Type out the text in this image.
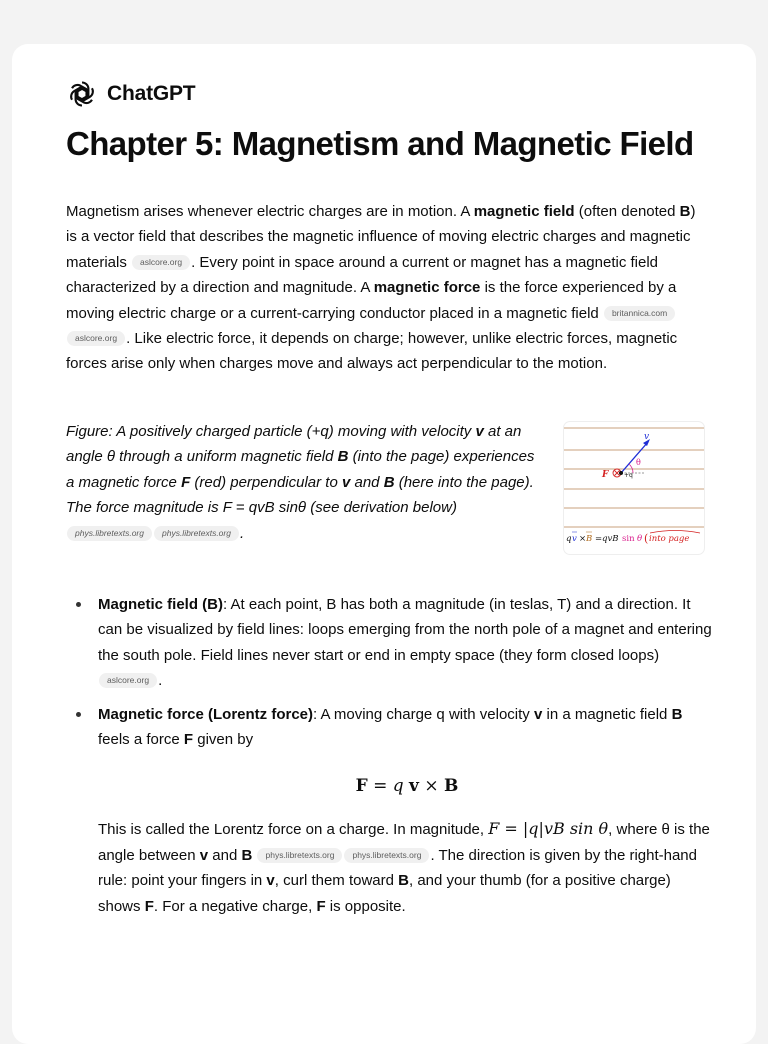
ChatGPT
Chapter 5: Magnetism and Magnetic Field

Magnetism arises whenever electric charges are in motion. A magnetic field (often denoted B) is a vector field that describes the magnetic influence of moving electric charges and magnetic materials aslcore.org . Every point in space around a current or magnet has a magnetic field characterized by a direction and magnitude. A magnetic force is the force experienced by a moving electric charge or a current-carrying conductor placed in a magnetic field britannica.comaslcore.org . Like electric force, it depends on charge; however, unlike electric forces, magnetic forces arise only when charges move and always act perpendicular to the motion.

Figure: A positively charged particle (+q) moving with velocity v at an angle θ through a uniform magnetic field B (into the page) experiences a magnetic force F (red) perpendicular to v and B (here into the page). The force magnitude is F = qvB sinθ (see derivation below) phys.libretexts.org phys.libretexts.org .

v
θ
F	+q
q v × B = qvB sin θ ( into page
Magnetic field (B): At each point, B has both a magnitude (in teslas, T) and a direction. It can be visualized by field lines: loops emerging from the north pole of a magnet and entering the south pole. Field lines never start or end in empty space (they form closed loops) aslcore.org .
Magnetic force (Lorentz force): A moving charge q with velocity v in a magnetic field B feels a force F given by
F = q v × B
This is called the Lorentz force on a charge. In magnitude, F = |q|vB sin θ, where θ is the angle between v and B phys.libretexts.org phys.libretexts.org . The direction is given by the right-hand rule: point your fingers in v, curl them toward B, and your thumb (for a positive charge) shows F. For a negative charge, F is opposite.
